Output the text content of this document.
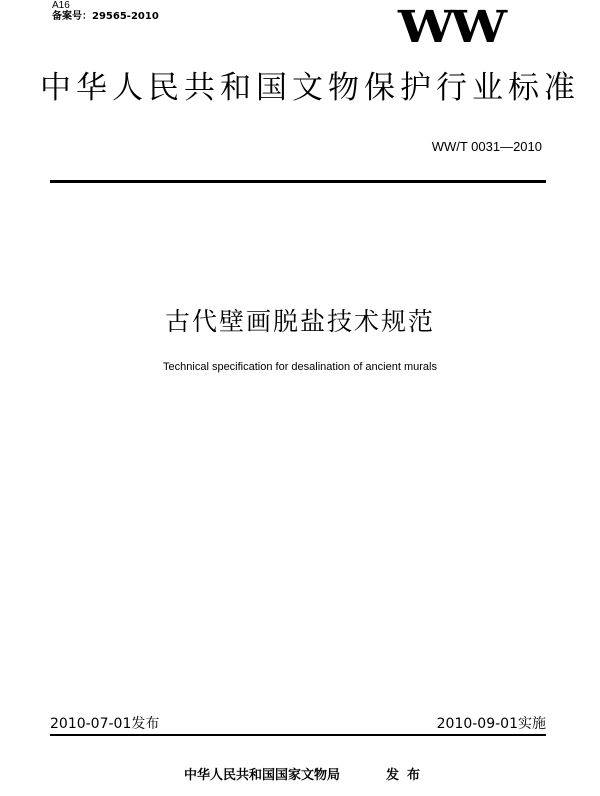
A16
备案号：29565-2010	WW
中华人民共和国文物保护行业标准
WW/T 0031—2010
古代壁画脱盐技术规范
Technical specification for desalination of ancient murals
2010-07-01发布	2010-09-01实施
中华人民共和国国家文物局	发布
